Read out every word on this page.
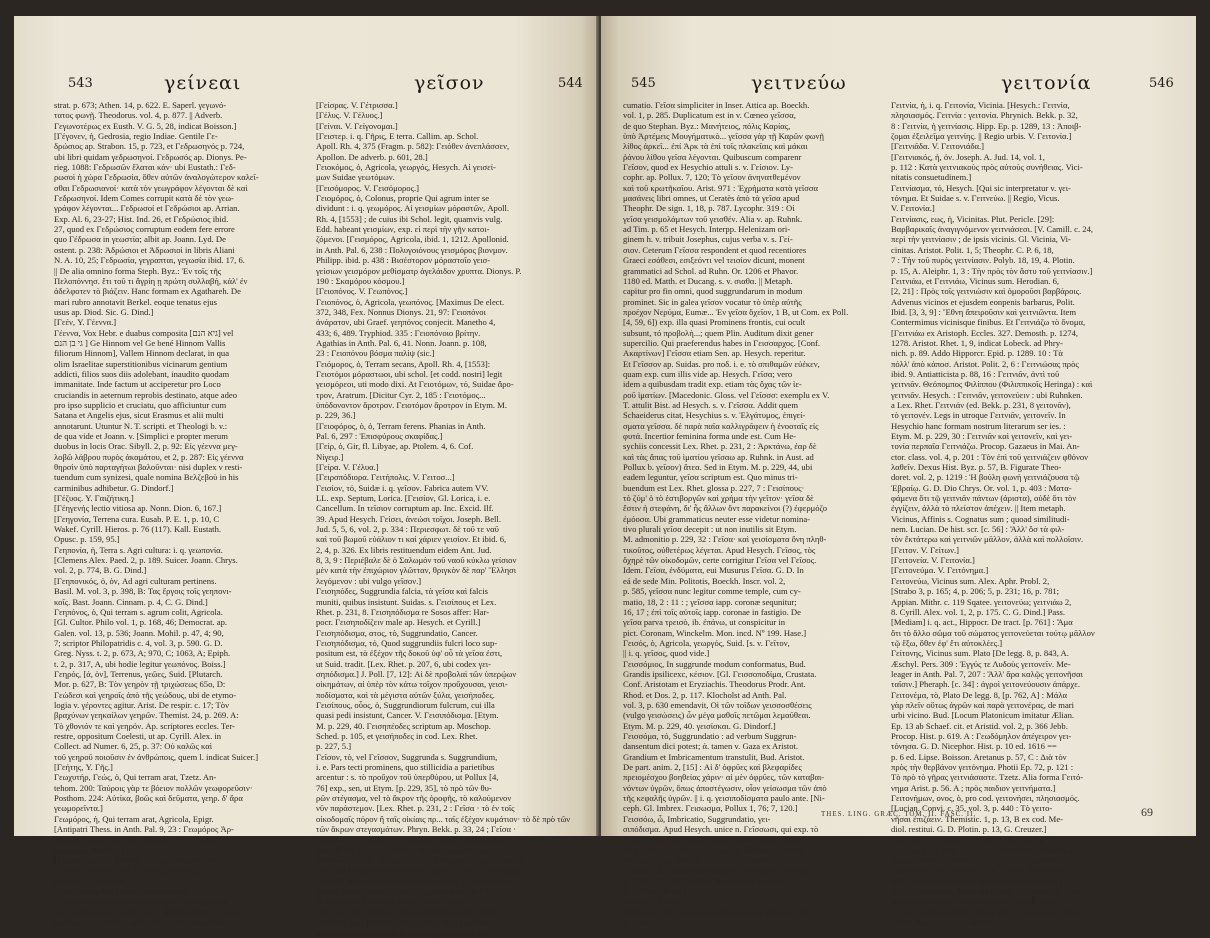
543	γείνεαι	γεῖσον	544
strat. p. 673; Athen. 14, p. 622. E. Saperl. γεγωνό-
τατος φωνῇ. Theodorus. vol. 4, p. 877. || Adverb.
Γεγωνοτέρως ex Eusth. V. G. 5, 28, indicat Boisson.]
[Γέγονεν, ἡ, Gedrosia, regio Indiae. Gentile Γε-
δρώσιος ap. Strabon. 15, p. 723, et Γεδρωσηνός p. 724,
ubi libri quidam γεδρωσηνοί. Γεδρωσός ap. Dionys. Pe-
rieg. 1088: Γεδρωσῶν ἔλαται κάν· ubi Eustath.: Γεδ-
ρωσοὶ ἡ χώρα Γεδρωσία, ὅθεν αὐτῶν ἀναλογώτερον καλεῖ-
σθαι Γεδρωσιανοί· κατὰ τὸν γεωγράφον λέγονται δὲ καὶ
Γεδρωσηνοί. Idem Comes corrupit κατὰ δὲ τὸν γεω-
γράφον λέγονται... Γεδρωσοί et Γεδρώσιοι ap. Arrian.
Exp. Al. 6, 23-27; Hist. Ind. 26, et Γεδρώσιος ibid.
27, quod ex Γεδρώσιος corruptum eodem fere errore
quo Γέδρωσα in γεωστία; albit ap. Joann. Lyd. De
ostent. p. 238: Ἀδρώσιοι et Ἀδρωσιοὶ in libris Aliani
N. A. 10, 25; Γεδρωσία, γεγραπται, γεγωσία ibid. 17, 6.
|| De alia omnino forma Steph. Byz.: Ἐν τοῖς τῆς
Πελοπόννησ. ἔτι τοῦ τι ἄγρίη ῃ πρώτη συλλαβή, κἀλ' ἐν
ἀδελφοτεν τὸ βιάζειν. Hanc formam ex Agathareh. De
mari rubro annotavit Berkel. eoque tenatus ejus
usus ap. Diod. Sic. G. Dind.]
[Γεέν, Y. Γέεννα.]
Γέεννα, Vox Hebr. e duabus composita [גיא הנם] vel
גי בן הנם ] Ge Hinnom vel Ge bené Hinnom Vallis
filiorum Hinnom], Vallem Hinnom declarat, in qua
olim Israelitae superstitionibus vicinarum gentium
addicti, filios suos diis adolebant, inaudito quodam
immanitate. Inde factum ut acciperetur pro Loco
cruciandis in aeternum reprobis destinato, atque adeo
pro ipso supplicio et cruciatu, quo afficiuntur cum
Satana et Angelis ejus, sicut Erasmus et alii multi
annotarunt. Utuntur N. T. scripti. et Theologi b. v.:
de qua vide et Joann. v. [Simplici e propter merum
duobus in locis Orac. Sibyll. 2, p. 92: Εἰς γέεννα μεγ-
λοβῶ λάβρου πυρὸς ἀκαμάτου, et 2, p. 287: Εἰς γέεννα
θηρσὶν ὑπὸ παρταγήτωι βαλοῦνται· nisi duplex ν resti-
tuendum cum synizesi, quale nomina Βελζεβοὺ in his
carminibus adhibetur. G. Dindorf.]
[Γέζυος. Y. Γαιζήτικη.]
[Γέηγενής lectio vitiosa ap. Nonn. Dion. 6, 167.]
[Γεηγονία, Terrena cura. Eusab. P. E. 1, p. 10, C
Wakef. Cyrill. Hieros. p. 76 (117). Kall. Eustath.
Opusc. p. 159, 95.]
Γεηπονία, ἡ, Terra s. Agri cultura: i. q. γεωπονία.
[Clemens Alex. Paed. 2, p. 189. Suicer. Joann. Chrys.
vol. 2, p. 774, B. G. Dind.]
[Γεηπονικός, ὁ, ὁν, Ad agri culturam pertinens.
Basil. M. vol. 3, p. 398, B: Τας ἔργοις τοῖς γεηπονι-
κοῖς. Bast. Joann. Cinnam. p. 4, C. G. Dind.]
Γεηπόνος, ὁ, Qui terram s. agrum colit, Agricola.
[Gl. Cultor. Philo vol. 1, p. 168, 46; Democrat. ap.
Galen. vol. 13, p. 536; Joann. Mohil. p. 47, 4; 90,
7; scriptor Philopatridis c. 4, vol. 3, p. 590. G. D.
Greg. Nyss. t. 2, p. 673, A; 970, C; 1063, A; Epiph.
t. 2, p. 317, A, ubi hodie legitur γεωπόνος. Boiss.]
Γεηρός, [ά, ὁν], Terrenus, γεῶες, Suid. [Plutarch.
Mor. p. 627, B: Τὸν γεηρὸν τῇ τριχώσεως 65ο, D:
Γεώδεσι καὶ γεηροῖς ἀπὸ τῆς γεώδους, ubi de etymo-
logia v. γέροντες agitur. Arist. De respir. c. 17; Τὸν
βραχύνων γεηκαίλων γεηρῶν. Themist. 24, p. 269. A:
Τὸ χθονιόν τε καὶ γεηρόν. Ap. scriptores eccles. Ter-
restre, oppositum Coelesti, ut ap. Cyrill. Alex. in
Collect. ad Numer. 6, 25, p. 37: Οὐ καλῶς καὶ
τοῦ γεηροῦ ποιοῦσιν ἐν ἀνθρώποις, quem l. indicat Suicer.]
[Γεήτης, Y. Γῆς.]
Γεωχυτήρ, Γεώς, ὁ, Qui terram arat, Tzetz. An-
tehom. 200: Ταύροις γὰρ τε βόειον πολλῶν γεωφορεῦσιν·
Posthom. 224: Αὐτίκα, βοῶς καὶ δεῦματα, γεηρ. δ' ἄρα
γεωμορεῖντα.]
Γεωμόρος, ἡ, Qui terram arat, Agricola, Epigr.
[Antipatri Thess. in Anth. Pal. 9, 23 : Γεωμόρος Ἀρ-
χιπποις Arabius in Anth. Planud. 4, 94: Ἀγνόρος
γεωμόρος Νικάτης.]
[Γεωρεῖα γείτων, Hesych. Ex quo Musurus fecit
Γεητονῦ, γειτονεῖ. Alii Γειτονῆς, γειτονεῖ.]
[Γείδιος. V. Γείδαιος.]
Γεινεῦ, Hesychio ἔνδυμα, Indumentum.
Γεινεῦ, Hesychio γεινομέ (sic, igitur habet quenth.
τοῦ γίνοιο γενέο (Codex γινεοῖ. Resto Alberti: Γείνου,
γεννήσεις, ex Apoll. Soph., Od. Y, 202 respiciente.]
[Γείσρας. V. Γέτρισσα.]
[Γέλυς. V. Γέλυος.]
[Γείναι. V. Γείγονομαι.]
[Γειστερ. i. q. Γῆρις, E terra. Callim. ap. Schol.
Apoll. Rh. 4, 375 (Fragm. p. 582): Γειόθεν ἀνεπλάσσεν,
Apollon. De adverb. p. 601, 28.]
Γειοκόμος, ὁ, Agricola, γεωργός, Hesych. Αἱ γεισεί-
μων Suidae γεωτόμων.
[Γεισόμορος. V. Γεισόμορος.]
Γειομόρος, ὁ, Colonus, proprie Qui agrum inter se
dividunt : i. q. γεωμόρος. Αἰ γεισμίων μόραστῶν, Apoll.
Rh. 4, [1553] ; de cuius ibi Schol. legit, quamvis vulg.
Edd. habeant γεισμίων, exp. εἰ περὶ τὴν γῆν κατοι-
ζόμενοι. [Γεισμόρος, Agricola, ibid. 1, 1212. Apollonid.
in Anth. Pal. 6, 238 : Πολυγοιόνους γεισμόρος βιονμον.
Philipp. ibid. p. 438 : Βισέστορον μόραστοῖο γεισ-
γείσιων γεισμόρον μεθίσματρ ἀγελάιδον χρυπτα. Dionys. P.
190 : Σκαμόρου κόσμου.]
[Γειοπόνος. V. Γεωπόνος.]
Γειοπόνος, ὁ, Agricola, γεωπόνος. [Maximus De elect.
372, 348, Fex. Nonnus Dionys. 21, 97: Γειοπόνοι
ἀνάρατον, ubi Graef. γεηπόνος conjecit. Manetho 4,
433; 6, 489. Tryphiod. 335 : Γειοπόνοιο βρίτην.
Agathias in Anth. Pal. 6, 41. Nonn. Joann. p. 108,
23 : Γειοπόνου βόσμα παλίψ (sic.]
Γειόμορος, ὁ, Terram secans, Apoll. Rh. 4, [1553]:
Γειοτόμοι μόραστωοι, ubi schol. [et codd. nostri] legit
γεισμόρεοι, uti modo dixi. At Γειοτόμων, τό, Suidae ἄρο-
τρον, Aratrum. [Dicitur Cyr. 2, 185 : Γειοτόμος...
ὑπόδονοντον ἄροτρον. Γειοτόμον ἄροτρον in Etym. M.
p. 229, 36.]
[Γειοφόρος, ὁ, ὁ, Terram ferens. Phanias in Anth.
Pal. 6, 297 : Ἐπισφύρους σκαφίδας.]
[Γείρ, ὁ, Gir, fl. Libyae, ap. Ptolem. 4, 6. Cof.
Νίγειρ.]
[Γείρα. V. Γέλυα.]
[Γειρσπόδιορα. Γειτήπολις. V. Γειτοσ...]
Γεισίον, τό, Suidæ i. q. γεῖσον. Fabrica autem VV.
LL. exp. Septum, Lorica. [Γεισίον, Gl. Lorica, i. e.
Cancellum. In τεῖσιον corruptum ap. Inc. Excid. Ilf.
39. Apud Hesych. Γείσει, ἀνεώσι τοῖχοι. Joseph. Bell.
Jud. 5, 5, 6, vol. 2, p. 334 : Περιεσφωτ. δὲ τοῦ τε ναῦ
καὶ τοῦ βωμοῦ εὐάλιον τι καὶ χάριεν γεισίον. Et ibid. 6,
2, 4, p. 326. Ex libris restituendum eidem Ant. Jud.
8, 3, 9 : Περιέβαλε δὲ ὁ Σαλωμόν τοῦ ναοῦ κύκλω γείσιον
μὲν κατὰ τὴν ἐπιχώριον γλῶτταν, θριγκὸν δὲ παρ' Ἕλλησι
λεγόμενον : ubi vulgo γεῖσον.]
Γεισηπόδες, Suggrundia falcia, τὰ γεῖσα καὶ falcis
muniti, quibus insistunt. Suidas. s. Γεισίπους et Lex.
Rhet. p. 231, 8. Γεισηπόδισμα re Sosos affer: Har-
pocr. Γεισηποδίζειν male ap. Hesych. et Cyrill.]
Γεισηπόδισμα, ατος, τὸ, Suggrundatio, Cancer.
Γεισηπόδισμα, τό, Quod suggrundiis fulcri loco sup-
positum est, τὰ ἐξέχον τῆς δοκοῦ ὑφ' οὗ τὰ γεῖσα ἐστι,
ut Suid. tradit. [Lex. Rhet. p. 207, 6, ubi codex γει-
σηπόδισμα.] J. Poll. [7, 12]: Αἱ δὲ προβολαὶ τῶν ὑπερῴων
οἰκημάτων, αἱ ὑπὲρ τὸν κάτω τοῖχον προὔχουσαι, γεισι-
ποδίσματα, καὶ τὰ μέγιστα αὐτῶν ξύλα, γεισήποδες.
Γεισίπους, οὗος, ὁ, Suggrundiorum fulcrum, cui illa
quasi pedi insistunt, Cancer. V. Γεισιπόδισμα. [Etym.
M. p. 229, 40. Γεισηπέοδες scriptum ap. Moschop.
Sched. p. 105, et γεισήποδες in cod. Lex. Rhet.
p. 227, 5.]
Γεῖσον, τὸ, vel Γεῖσσον, Suggrunda s. Suggrundium,
i. e. Pars tecti prominens, quo stillicidia a parietibus
arcentur : s. τὸ προὔχον τοῦ ὑπερθύρου, ut Pollux [4,
76] exp., sen, ut Etym. [p. 229, 35], τὸ πρὸ τῶν θυ-
ρῶν στέγασμα, vel τὸ ἄκρον τῆς ὀροφῆς, τὸ καλούμενον
νῦν παράστεμον. [Lex. Rhet. p. 231, 2 : Γεῖσα · τὸ ἐν τοῖς
οἰκοδομαῖς πόρον ἢ ταῖς οἰκίαις πρ... ταῖς ἐξέχον κυμάτιον· τὸ δὲ πρὸ τῶν
τῶν ἄκρων στεγασμάτων. Phryn. Bekk. p. 33, 24 ; Γεῖσα ·
ἐπιπολὰ τὰ ἐξέχοντα τῶν τοίχων.] Deducit autem a τοῦ
idem Etym. Gud. Or. [1663]: Ἡ παρὰ θεριμοῦ κρέον
συνθρώσει αὐτὸ, Ὕελος, πολὺ δὲ ἡ στεγνα, πελαγίων φανός.
Ubi Schol. dicit γεῖσα esse τὰ ἐξ ὑγροῦ, ἐξ ἡ ἰν. Ἐν δὲ ἄλλοις
τοῖς ὕδα τοῖς τῶν ὑπαιθρων ἐποικημάτων. [Πάλαι ταύτην
χειρῶν τοῦ στέγους ubi τὰ ἐξηρμμένα, ἀπὸ τοῦ Πλ
ἐκ κράλου et Phavorin. 1185 : γεῖσα· περί...
ἔναι ἐπι, 1165. Quibus in locis recentiores edit. γεῖσα
exhibent, quæ perperam est in codd. et in grammati-
ticorum notationibus de h. v. ejusque derivatis do-
545	γειτνεύω	γειτονία	546
cumatio. Γεῖσα simpliciter in Inser. Attica ap. Boeckh.
vol. 1, p. 285. Duplicatum est in v. Cœneo γεῖσσα,
de quo Stephan. Byz.: Μανήτειος, πόλις Καρίας,
ὑπὸ Ἀρτέμεις Μουγήματικὸ... γεῖσσα γὰρ τῇ Καρῶν φωνῇ
λίθος ἀρκεῖ... ἐπί Ἀρκ τὰ ἐπί τοῖς πλακεῖαις καὶ μάκαι
ῥάνου λίθου γεῖσα λέγονται. Quibuscum comparenr
Γεῖσον, quod ex Hesychio attuli s. v. Γείσιον. Ly-
cophr. ap. Pollux. 7, 120; Τὸ γεῖσον ἀνηνατθεμένον
καὶ τοῦ κρωτῆκαῖου. Arist. 971 : Ἐχρήματα κατὰ γεῖσσα
μασάνεις libri omnes, ut Ceratès ἀπὸ τὰ γεῖσα apud
Theophr. De sign. 1, 18, p. 787. Lycophr. 319 : Οἱ
γεῖσα γεισμολάμτων τοῦ γεισθέν. Alia v. ap. Ruhnk.
ad Tim. p. 65 et Hesych. Interpp. Helenizam ori-
ginem h. v. tribuit Josephus, cujus verba v. s. Γεί-
σιον. Ceterum Γεῖσσα respondent et quod recentiores
Graeci εσάθεσι, εσιξεόντι vel τεισίον dicunt, monent
grammatici ad Schol. ad Ruhn. Or. 1206 et Phavor.
1180 ed. Matth. et Ducang. s. v. σιαθα. || Metaph.
capitur pro fin omni, quod suggrundarum in modum
prominet. Sic in galea γεῖσον vocatur τὸ ὑπὲρ αὐτῆς
προέχον Νερύμα, Eumæ... Ἐν γεῖσα ὄχεῖον, 1 B, ut Com. ex Poll.
[4, 59, 6]) exp. illa quasi Prominens frontis, cui ocult
subsunt, τό προβολὴ...; quem Plin. Auditum dixit gener
supercilio. Qui praeferendus habes in Γεισσαρχος. [Conf.
Ακαρτίνων] Γεῖσσα etiam Sen. ap. Hesych. reperitur.
Et Γεῖσσον ap. Suidas. pro ποδ. i. e. τὸ σπιθαμῶν εὐἐκεν,
quam exp. cum illis vide ap. Hesych. Γεῖσα; vero
idem a quibusdam tradit exp. etiam τὰς ὄχας τῶν ἱε-
ροῦ ἱματίων. [Macedonic. Gloss. vel Γεῖσσσ: exemplu ex V.
T. attulit Bist. ad Hesych. s. v. Γεῖσσα. Addit quem
Schaeiderus citat, Hesychius s. v. Ἐλγάτυμος, ἐπιγεί-
σματα γεῖσσα. δὲ παρὰ παῖα καλλιγρᾶφειν ἡ ἐνοοταῖς εἰς
φυτά. Incertior feminina forma unde est. Cum He-
sychiis concessit Lex. Rhet. p. 231, 2 : Ἀρκτάνω, ἐαρ δὲ
καὶ τὰς ἄπας τοῦ ἱματίου γεῖσαω ap. Ruhnk. in Aust. ad
Pollux b. γεῖσον) ἄτεα. Sed in Etym. M. p. 229, 44, ubi
eadem leguntur, γεῖσα scriptum est. Quo minus tri-
buendum est Lex. Rhet. glossa p. 227, 7 : Γεισίπους·
τὸ ζύμ' ὁ τὸ ἐστιβοργῶν καὶ χρήμα τὴν γεῖτον· γεῖσα δὲ
ἔστιν ἡ στεφάνη, δι' ἧς ἄλλων ὄντ παρακείνοι (?) ἐφερμόζο
ἐμόοσα. Ubi grammaticus neuter esse videtur nomina-
tivo plurali γεῖσα decepit : ut non inutilis sit Etym.
M. admonitio p. 229, 32 : Γεῖσα· καὶ γεισίσματα ὄνη πληθ-
τικοῦτος, οὐθετέρως λέγεται. Apud Hesych. Γεῖσος, τὸς
ὄχηρὲ τῶν οἰκοδομῶν, certe corrigitur Γεῖσα vel Γεῖσος.
Idem. Γεῖσα, ἐνδύματα, eui Musurus Γεῖσα. G. D. In
eá de sede Min. Politotis, Boeckh. Inscr. vol. 2,
p. 585, γεῖσσα nunc legitur comme temple, cum cy-
matio, 18, 2 : 11 : ; γεῖσσα iapp. coronæ sequnitur;
16, 17 ; ἐπὶ τοῖς αὐτοῖς iapp. coronae in fastigio. De
γεῖσα parva τρεισὸ, ib. ἐπάνω, ut conspicitur in
pict. Coronam, Winckelm. Mon. incd. Nº 199. Hase.]
Γεισός, ὁ, Agricola, γεωργός, Suid. [s. v. Γεῖτον,
|| i. q. γεῖσος, quod vide.]
Γεισσόμιος, In suggrunde modum conformatus, Bud.
Grandis ipsilicexc, κέσιον. [Gl. Γεισσοποδίμα, Crustata.
Conf. Aristotam et Eryziachis. Theodorus Prodr. Ant.
Rhod. et Dos. 2, p. 117. Klocholst ad Anth. Pal.
vol. 3, p. 630 emendavit, Οἱ τῶν τοῖδων γεισσοσθέσεις
(vulgo γεισώσεις) ὧν μέγα μαθοῖς πετῶμαι λεμαῦθεαι.
Etym. M. p. 229, 40. γεισίσκαι. G. Dindorf.]
Γεισσόμα, τό, Suggrundatio : ad verbum Suggrun-
dansentum dici potest; ά. tamen v. Gaza ex Aristot.
Grandium et Imbricamentum transtulit, Bud. Aristot.
De part. anim. 2, [15] : Αἱ δ' ὀφρῦες καὶ βλεφαρίδες
πρειομέσχου βοηθείας χάριν· αἱ μὲν ὀφρῦες, τῶν καταβαι-
νόντων ὑγρῶν, ὅπως ἀποστέγωσιν, οἷον γείσωσμα τῶν ἀπὸ
τῆς κεφαλῆς ὑγρῶν. || i. q. γεισιποδίσματα paulo ante. [Ni-
ceph. Gl. Imbrex. Γεισωσμα, Pollux 1, 76; 7, 120.]
Γεισσόω, ὦ, Imbricatio, Suggrundatio, γει-
σιπόδισμα. Apud Hesych. unice n. Γεῖσσωσι, qui exp. τὸ
τῆς πτέρης ἐξέχον· quod γεῖσον etiam dicitur. [Etym.
M. p. 229, 42 : Γεῖσωσι τὰ τῆς γῆς ἄνθεσι. ubi corrig.
σπέγης, a Lex. Rhet. p. 231, 5. G. Dindorf.]
Γεισσόω, ὦ, Videtur, ad τειχίσεις, πειστάκειν. [Eustath.
p. 1129, 10 ; 1597, 47 ex Chœroboscο, quam v.
p. 1299 ed. Bekk.]
[Γείτη. V. Γέλια.]
[Γειτόνων pro Γειτονεύων legitur Georg. Alex. p. 146,
8. Hase.]
Γειτνία, ἡ, i. q. Γειτονία, Vicinia. [Hesych.: Γειτνία,
πλησιασμός. Γειτνία : γειτονία. Phrynich. Bekk. p. 32,
8 : Γειτνία, ἡ γειτνίασις. Hipp. Ep. p. 1289, 13 : Ἀποιβ-
ζομαι ἐξειλεῖμα γειτνίης. || Regio urbis. V. Γειτονία.]
[Γειτνιᾶδα. V. Γειτονιάδα.]
[Γειτνιακός, ἡ, ὀν. Joseph. A. Jud. 14, vol. 1,
p. 112 : Κατὰ γειτνιακοὺς πρὸς αὐτοὺς συνήθειας. Vici-
nitatis consuetudinem.]
Γειτνίασμα, τό, Hesych. [Qui sic interpretatur v. γει-
τόνημα. Et Suidae s. v. Γειτνεύω. || Regio, Vicus.
V. Γειτονία.]
Γειτνίασις, εως, ἡ, Vicinitas. Plut. Pericle. [29]:
Βαρβαρικαῖς ἀναγιγνόμενον γειτνιάσεσι. [V. Camill. c. 24,
περὶ τὴν γειτνίασιν ; de ipsis vicinis. Gl. Vicinia, Vi-
cinitas. Aristot. Polit. 1, 5; Theophr. C. P. 6, 18,
7 : Τὴν τοῦ πυρὸς γειτνίασιν. Polyb. 18, 19, 4. Plotin.
p. 15, A. Aleiphr. 1, 3 : Τὴν πρὸς τὸν ἄστυ τοῦ γειτνίασιν.]
Γειτνιάω, et Γειτνιάω, Vicinus sum. Herodian. 6,
[2, 21] : Πρὸς τοῖς γειτνιώσιν καὶ ὁμοροῦσι βαρβάροις.
Advenus vicinos et ejusdem eonpenis barbarus, Polit.
Ibid. [3, 3, 9] : Ἔθνη ἄπειροῦσιν καὶ γειτνιῶντα. Item
Contermimus vicinisque finibus. Et Γειτνιάζω τὸ ὄνομα,
[Γειτνιάω ex Aristoph. Eccles. 327. Demosth. p. 1274,
1278. Aristot. Rhet. 1, 9, indicat Lobeck. ad Phry-
nich. p. 89. Addo Hipporcr. Epid. p. 1289. 10 : Τὰ
πόλλ' ἀπὸ κάποσ. Aristot. Polit. 2, 6 : Γειτνιώσας πρὸς
ibid. 9. Antiatticista p. 88, 16 : Γειτνιᾶν, ἀντὶ τοῦ
γειτνιᾶν. Θεόπομπος Φιλίππου (Φιλιππικοῖς Heringa) : καὶ
γειτνιᾶν. Hesych. : Γειτνιᾶν, γειτονεύειν : ubi Ruhnken.
a Lex. Rhet. Γειτνιάν (ed. Bekk. p. 231, 8 γειτονᾶν),
τὸ γειτονέν. Legs in utroque Γειτνιᾶν, γειτονεῖν. In
Hesychio hanc formam nostrum literarum ser ies. :
Etym. M. p. 229, 30 : Γειτνιᾶν καὶ γειτονεῖν, καὶ γει-
τονία περπαῖα Γειτνιάζω. Procop. Gazaeus in Mai. An-
ctor. class. vol. 4, p. 201 : Τὸν ἐπὶ τοῦ γειτνιάζειν φθόνον
λαθεῖν. Dexus Hist. Byz. p. 57, B. Figurate Theo-
doret. vol. 2, p. 1219 : Ἡ βούλη φωνὴ γειτνιάζουσα τῷ
Ἑβραίῳ. G. D. Dio Chrys. Or. vol. 1, p. 403 : Ματα-
φάμενα ὅτι τῷ γειτνιᾶν πάντων (ἀριστα), οὐδὲ ὅτι τὸν
ἐγγίζειν, ἀλλὰ τὸ πλείστον ἀπέχειν. || Item metaph.
Vicinus, Affinis s. Cognatus sum ; quoad similitudi-
nem. Lucian. De hist. scr. [c. 56] : Ἄλλ' ὅσ τὰ φιλ-
τὸν ἔκτάτερω καὶ γειτνιῶν μᾶλλον, ἀλλὰ καὶ πολλοῖσιν.
[Γειτον. V. Γείτων.]
[Γειτονεία. V. Γειτονία.]
[Γειτονεύμα. V. Γειτόνημα.]
Γειτονεύω, Vicinus sum. Alex. Aphr. Probl. 2,
[Strabo 3, p. 165; 4, p. 206; 5, p. 231; 16, p. 781;
Appian. Mithr. c. 119 Sqatee. γειτονεύω; γειτνιάω 2,
8. Cyrill. Alex. vol. 1, 2, p. 175. C. G. Dind.] Pass.
[Mediam] i. q. act., Hippocr. De tract. [p. 761] : Ἄμα
ὅτι τὸ ἄλλο σῶμα τοῦ σώματος γειτονεύεται τούτῳ μᾶλλον
τῷ ἔξω, ὅθεν ἐφ' ἔτι αὐτοκλέες.]
Γείτονης, Vicinus sum. Plato [De legg. 8, p. 843, A.
Æschyl. Pers. 309 : Ἐγγύς τε Λυδοὺς γειτονεῖν. Me-
leager in Anth. Pal. 7, 207 : Ἄλλ' ἄρα καλῷς γειτονῆσαι
ταῖσιν.] Pheraph. [c. 34] : ἀγροὶ γειτονεύουσιν ἀπάρχε.
Γειτονέμα, τὸ, Plato De legg. 8, [p. 762, A] : Μάλα
γὰρ πλεῖν οὕτως ἀγρῶν καὶ παρὰ γειτονέρας, de mari
urbi vicino. Bud. [Locum Platonicum imitatur Ælian.
Ep. 13 ab Schaef. cit. et Aristid. vol. 2, p. 366 Jebb.
Procop. Hist. p. 619. A : Γεωδόμηλον ἀπέγειρον γει-
τόνησα. G. D. Nicephor. Hist. p. 10 ed. 1616 ==
p. 6 ed. Lipse. Boisson. Aretanus p. 57, C : Διὰ τὸν
πρὸς τὴν θερβάνον γειτόνημα. Photii Ep. 72, p. 121 :
Τὸ πρὸ τὸ γῆρας γειτνιάσαστε. Tzetz. Alia forma Γειτό-
νημα Arist. p. 56. A ; πρὸς παιδιον γειτνήματα.]
Γειτονήμων, ονος, ὁ, pro cod. γειτονήσει, πλησιασμός.
[Lucian. Convi. c. 35, vol. 3, p. 440 : Τὸ γειτο-
νῆσαι ἐπιζάειν. Themistic. 1, p. 13, B ex cod. Me-
diol. restitui. G. D. Plotin. p. 13, G. Creuzer.]
Γειτονία, ἡ, Vicinitas. [Arcad. p. 99, 13.] Ap. Plat.
De legg. 8, [p. 843, C] Vicinia domorum locorumque
ἐμποράμενον. [Aristot. Rh. 2, 22 : Male γειτονίων scri-
ptum in Gl. et ap. Hesych. s. v. Γειτνία. Manetho 4,
488 : Γειτονία ἐνταξιοῦν καταρροπώντος ἀστοῖς.]
Apud Hesychium, Regio urbis, vid. Γειτονίαχμος. Quo
significatu etiam Γειτνία ap. Joann. Malal. p. 222,
20 : Κτίσε δὲ καὶ ἄλλον ἐβούματου ... κατέκαυσ πὴν γεῖ-
τονίαν Ἀγρίππιον. G. Dindorf.]
THES. LING. GRÆC. TOM. II. FASC. II.	69
